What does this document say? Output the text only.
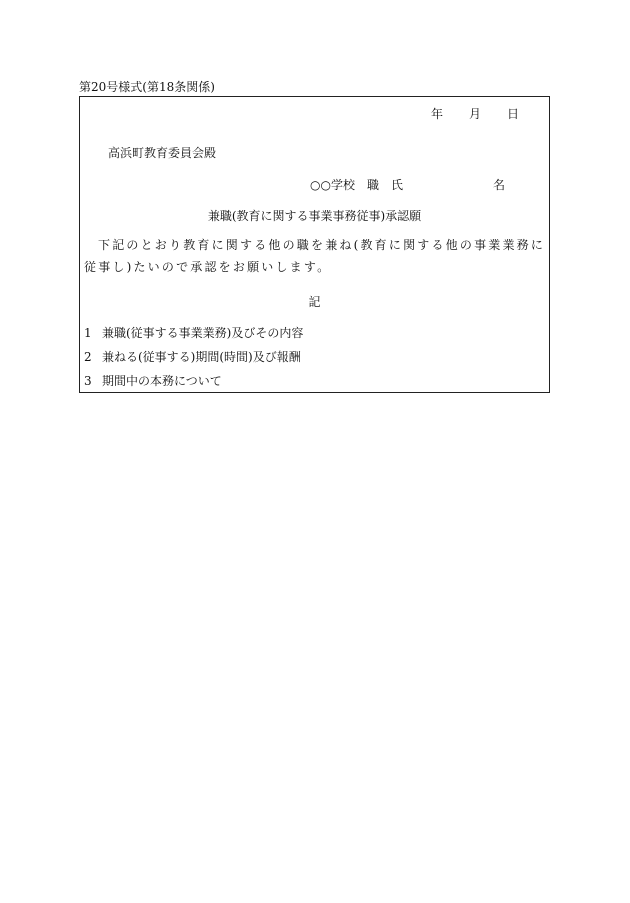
第20号様式(第18条関係)
年 月 日
高浜町教育委員会殿
○○学校 職 氏	名
兼職(教育に関する事業事務従事)承認願
下記のとおり教育に関する他の職を兼ね(教育に関する他の事業業務に従事し)たいので承認をお願いします。
記
1 兼職(従事する事業業務)及びその内容
2 兼ねる(従事する)期間(時間)及び報酬
3 期間中の本務について
